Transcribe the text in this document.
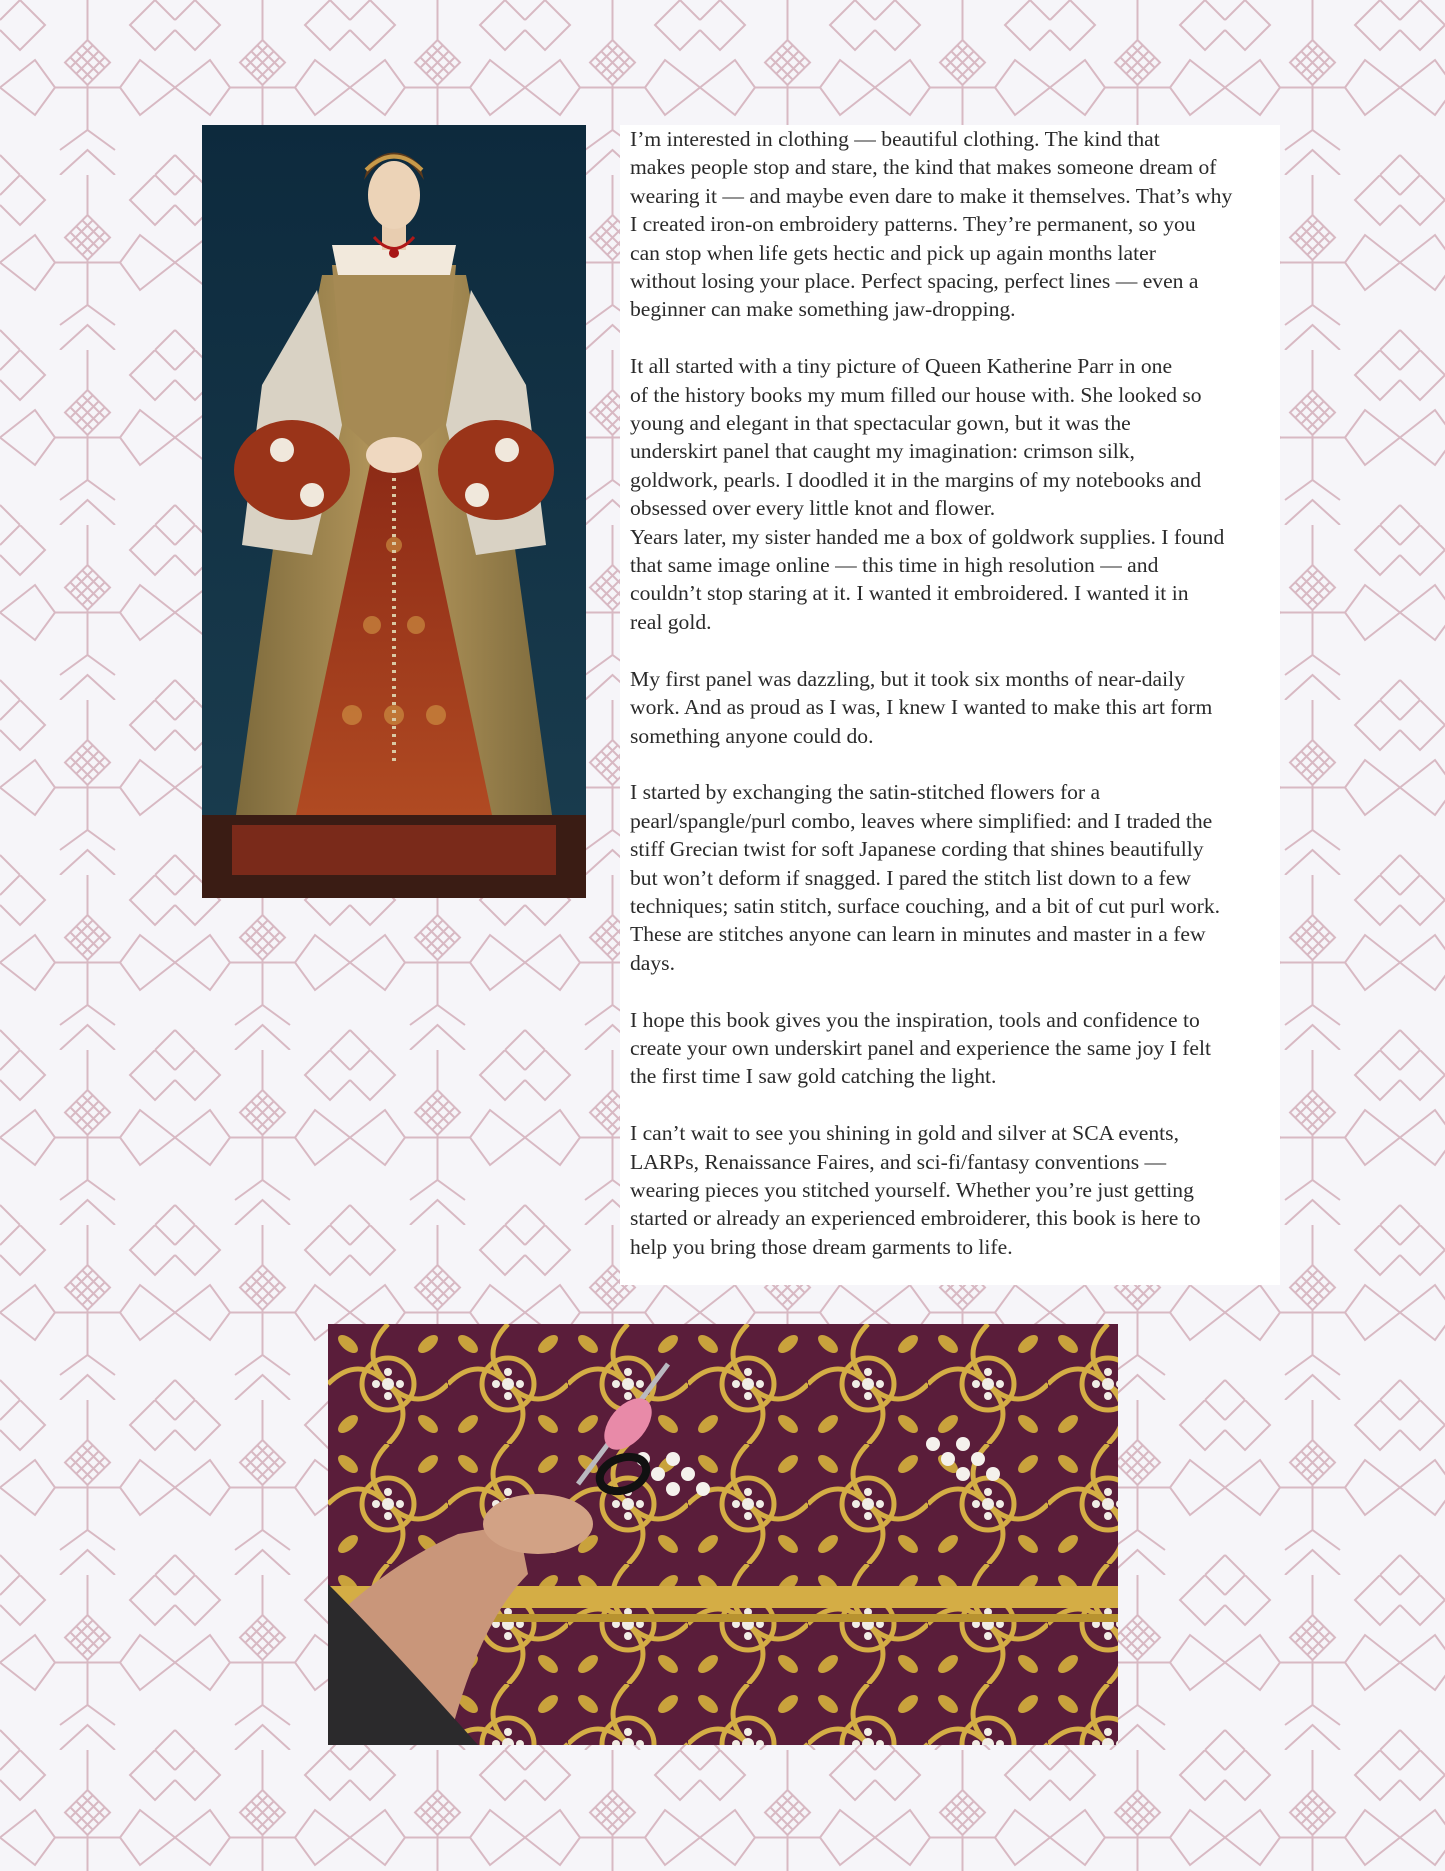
I’m interested in clothing — beautiful clothing. The kind that
makes people stop and stare, the kind that makes someone dream of
wearing it — and maybe even dare to make it themselves. That’s why
I created iron-on embroidery patterns. They’re permanent, so you
can stop when life gets hectic and pick up again months later
without losing your place. Perfect spacing, perfect lines — even a
beginner can make something jaw-dropping.

It all started with a tiny picture of Queen Katherine Parr in one
of the history books my mum filled our house with. She looked so
young and elegant in that spectacular gown, but it was the
underskirt panel that caught my imagination: crimson silk,
goldwork, pearls. I doodled it in the margins of my notebooks and
obsessed over every little knot and flower.
Years later, my sister handed me a box of goldwork supplies. I found
that same image online — this time in high resolution — and
couldn’t stop staring at it. I wanted it embroidered. I wanted it in
real gold.

My first panel was dazzling, but it took six months of near-daily
work. And as proud as I was, I knew I wanted to make this art form
something anyone could do.

I started by exchanging the satin-stitched flowers for a
pearl/spangle/purl combo, leaves where simplified: and I traded the
stiff Grecian twist for soft Japanese cording that shines beautifully
but won’t deform if snagged. I pared the stitch list down to a few
techniques; satin stitch, surface couching, and a bit of cut purl work.
These are stitches anyone can learn in minutes and master in a few
days.

I hope this book gives you the inspiration, tools and confidence to
create your own underskirt panel and experience the same joy I felt
the first time I saw gold catching the light.

I can’t wait to see you shining in gold and silver at SCA events,
LARPs, Renaissance Faires, and sci-fi/fantasy conventions —
wearing pieces you stitched yourself. Whether you’re just getting
started or already an experienced embroiderer, this book is here to
help you bring those dream garments to life.
